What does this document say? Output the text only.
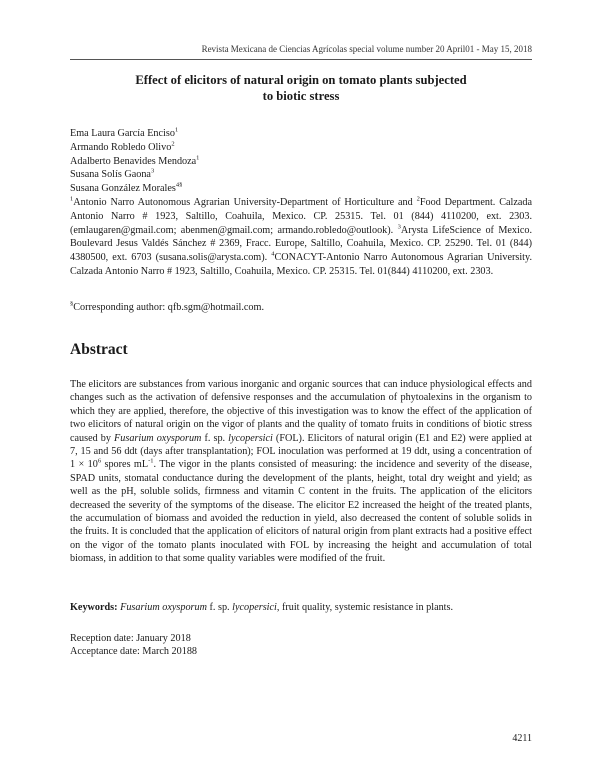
Revista Mexicana de Ciencias Agrícolas special volume number 20 April01 - May 15, 2018
Effect of elicitors of natural origin on tomato plants subjected
to biotic stress
Ema Laura García Enciso$^1$
Armando Robledo Olivo$^2$
Adalberto Benavides Mendoza$^1$
Susana Solís Gaona$^3$
Susana González Morales$^{4\S}$
$^1$Antonio Narro Autonomous Agrarian University-Department of Horticulture and $^2$Food Department. Calzada Antonio Narro # 1923, Saltillo, Coahuila, Mexico. CP. 25315. Tel. 01 (844) 4110200, ext. 2303. (emlaugaren@gmail.com; abenmen@gmail.com; armando.robledo@outlook). $^3$Arysta LifeScience of Mexico. Boulevard Jesus Valdés Sánchez # 2369, Fracc. Europe, Saltillo, Coahuila, Mexico. CP. 25290. Tel. 01 (844) 4380500, ext. 6703 (susana.solis@arysta.com). $^4$CONACYT-Antonio Narro Autonomous Agrarian University. Calzada Antonio Narro # 1923, Saltillo, Coahuila, Mexico. CP. 25315. Tel. 01(844) 4110200, ext. 2303.
§Corresponding author: qfb.sgm@hotmail.com.
Abstract
The elicitors are substances from various inorganic and organic sources that can induce physiological effects and changes such as the activation of defensive responses and the accumulation of phytoalexins in the organism to which they are applied, therefore, the objective of this investigation was to know the effect of the application of two elicitors of natural origin on the vigor of plants and the quality of tomato fruits in conditions of biotic stress caused by Fusarium oxysporum f. sp. lycopersici (FOL). Elicitors of natural origin (E1 and E2) were applied at 7, 15 and 56 ddt (days after transplantation); FOL inoculation was performed at 19 ddt, using a concentration of $1 \times 10^6$ spores $mL^{-1}$. The vigor in the plants consisted of measuring: the incidence and severity of the disease, SPAD units, stomatal conductance during the development of the plants, height, total dry weight and yield; as well as the pH, soluble solids, firmness and vitamin C content in the fruits. The application of the elicitors decreased the severity of the symptoms of the disease. The elicitor E2 increased the height of the treated plants, the accumulation of biomass and avoided the reduction in yield, also decreased the content of soluble solids in the fruits. It is concluded that the application of elicitors of natural origin from plant extracts had a positive effect on the vigor of the tomato plants inoculated with FOL by increasing the height and accumulation of total biomass, in addition to that some quality variables were modified of the fruit.
Keywords: Fusarium oxysporum f. sp. lycopersici, fruit quality, systemic resistance in plants.
Reception date: January 2018
Acceptance date: March 20188
4211
